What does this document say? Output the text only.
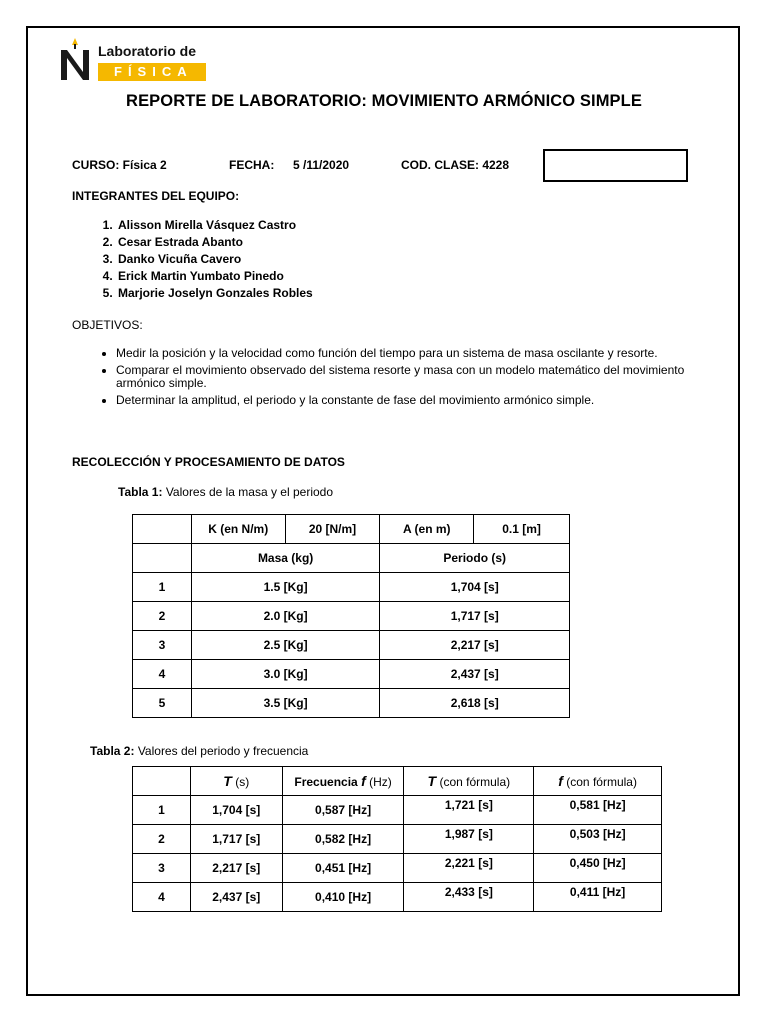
Laboratorio de
FÍSICA
REPORTE DE LABORATORIO: MOVIMIENTO ARMÓNICO SIMPLE
CURSO: Física 2	FECHA: 5 /11/2020	COD. CLASE: 4228
INTEGRANTES DEL EQUIPO:
1. Alisson Mirella Vásquez Castro
2. Cesar Estrada Abanto
3. Danko Vicuña Cavero
4. Erick Martin Yumbato Pinedo
5. Marjorie Joselyn Gonzales Robles
OBJETIVOS:
• Medir la posición y la velocidad como función del tiempo para un sistema de masa oscilante y resorte.
• Comparar el movimiento observado del sistema resorte y masa con un modelo matemático del movimiento armónico simple.
• Determinar la amplitud, el periodo y la constante de fase del movimiento armónico simple.
RECOLECCIÓN Y PROCESAMIENTO DE DATOS
Tabla 1: Valores de la masa y el periodo
	K (en N/m)	20 [N/m]	A (en m)	0.1 [m]
	Masa (kg)		Periodo (s)	
1	1.5 [Kg]		1,704 [s]	
2	2.0 [Kg]		1,717 [s]	
3	2.5 [Kg]		2,217 [s]	
4	3.0 [Kg]		2,437 [s]	
5	3.5 [Kg]		2,618 [s]	
Tabla 2: Valores del periodo y frecuencia
	T (s)	Frecuencia f (Hz)	T (con fórmula)	f (con fórmula)
1	1,704 [s]	0,587 [Hz]	1,721 [s]	0,581 [Hz]
2	1,717 [s]	0,582 [Hz]	1,987 [s]	0,503 [Hz]
3	2,217 [s]	0,451 [Hz]	2,221 [s]	0,450 [Hz]
4	2,437 [s]	0,410 [Hz]	2,433 [s]	0,411 [Hz]
